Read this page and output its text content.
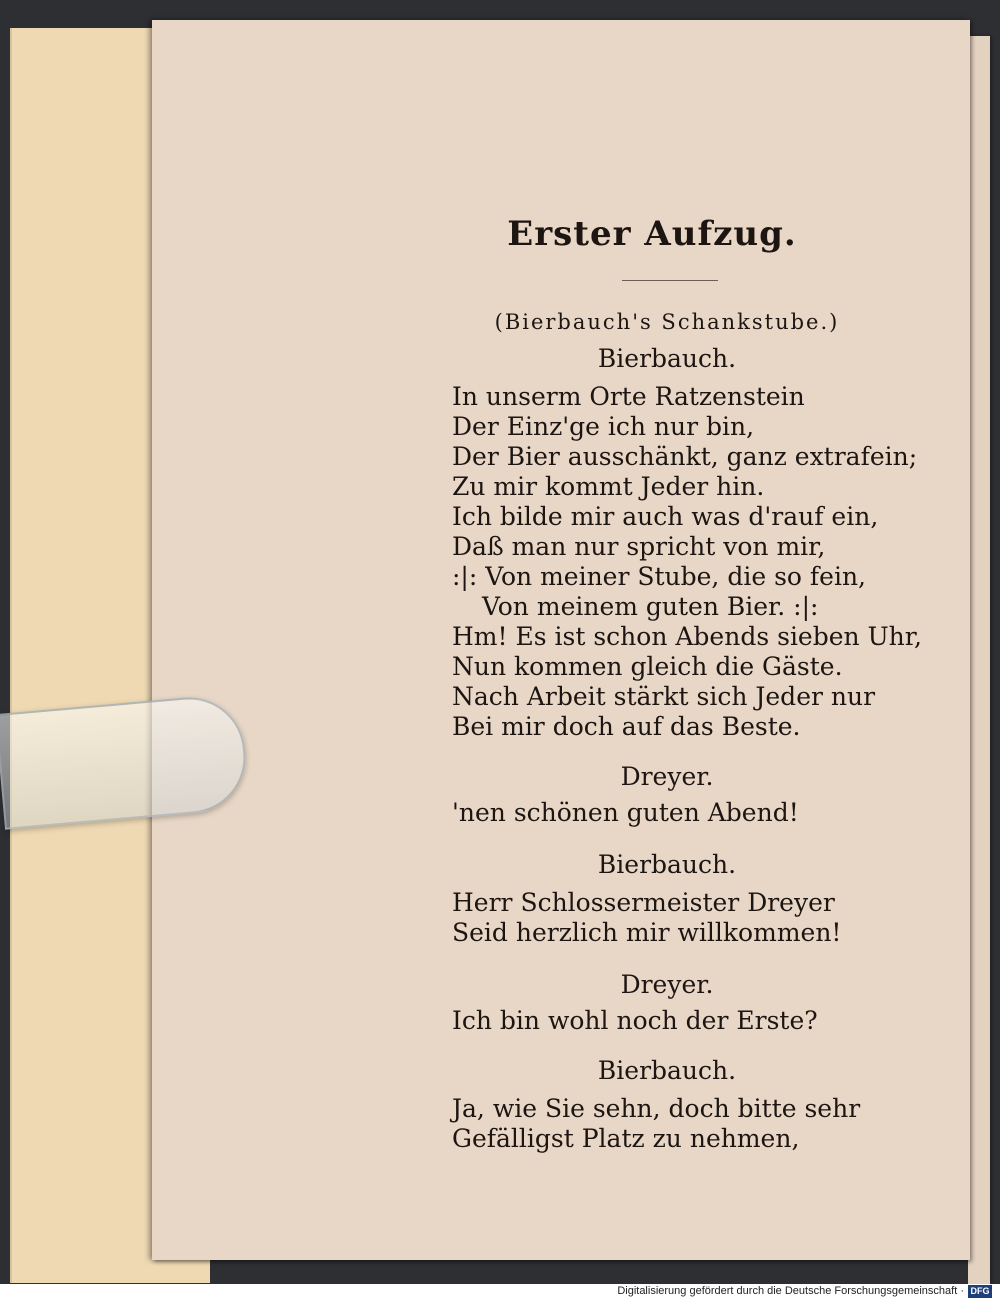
Erster Aufzug.
(Bierbauch's Schankstube.)
Bierbauch.
In unserm Orte Ratzenstein
Der Einz'ge ich nur bin,
Der Bier ausschänkt, ganz extrafein;
Zu mir kommt Jeder hin.
Ich bilde mir auch was d'rauf ein,
Daß man nur spricht von mir,
:|: Von meiner Stube, die so fein,
Von meinem guten Bier. :|:
Hm! Es ist schon Abends sieben Uhr,
Nun kommen gleich die Gäste.
Nach Arbeit stärkt sich Jeder nur
Bei mir doch auf das Beste.
Dreyer.
'nen schönen guten Abend!
Bierbauch.
Herr Schlossermeister Dreyer
Seid herzlich mir willkommen!
Dreyer.
Ich bin wohl noch der Erste?
Bierbauch.
Ja, wie Sie sehn, doch bitte sehr
Gefälligst Platz zu nehmen,
Digitalisierung gefördert durch die Deutsche Forschungsgemeinschaft · DFG
